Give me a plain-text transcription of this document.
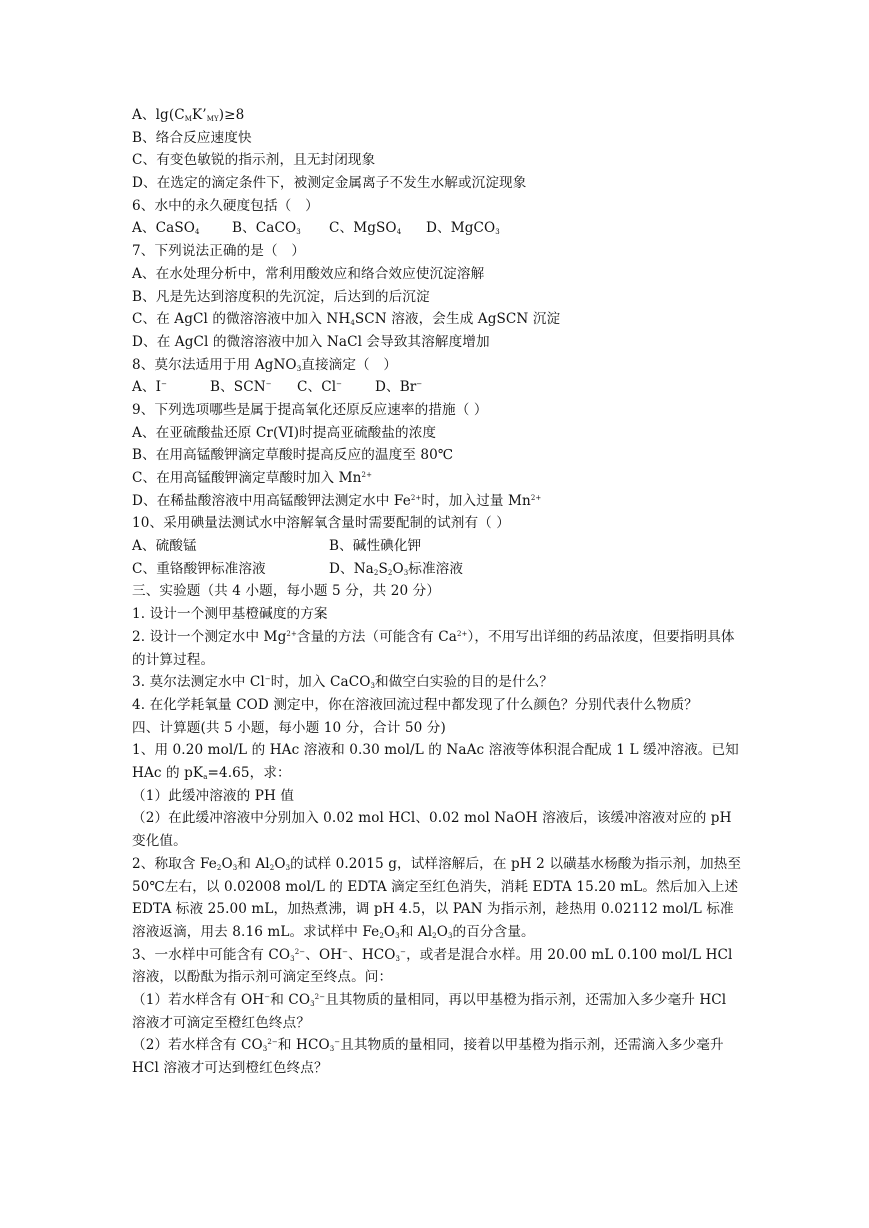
A、$\lg(C_MK’_{MY})\ge 8$
B、络合反应速度快
C、有变色敏锐的指示剂，且无封闭现象
D、在选定的滴定条件下，被测定金属离子不发生水解或沉淀现象
6、水中的永久硬度包括（　）
A、CaSO$_4$ B、CaCO$_3$ C、MgSO$_4$ D、MgCO$_3$
7、下列说法正确的是（　）
A、在水处理分析中，常利用酸效应和络合效应使沉淀溶解
B、凡是先达到溶度积的先沉淀，后达到的后沉淀
C、在 AgCl 的微溶溶液中加入 $NH_4SCN$ 溶液，会生成 AgSCN 沉淀
D、在 AgCl 的微溶溶液中加入 NaCl 会导致其溶解度增加
8、莫尔法适用于用 AgNO$_3$直接滴定（　）
A、I−	B、SCN− C、Cl− D、Br−
9、下列选项哪些是属于提高氧化还原反应速率的措施（ ）
A、在亚硫酸盐还原 Cr(VI)时提高亚硫酸盐的浓度
B、在用高锰酸钾滴定草酸时提高反应的温度至 80℃
C、在用高锰酸钾滴定草酸时加入 $Mn^{2+}$
D、在稀盐酸溶液中用高锰酸钾法测定水中 $Fe^{2+}$时，加入过量 $Mn^{2+}$
10、采用碘量法测试水中溶解氧含量时需要配制的试剂有（ ）
A、硫酸锰	B、碱性碘化钾
C、重铬酸钾标准溶液	D、$Na_2S_2O_3$标准溶液
三、实验题（共 4 小题，每小题 5 分，共 20 分）
1. 设计一个测甲基橙碱度的方案
2. 设计一个测定水中 $Mg^{2+}$含量的方法（可能含有 $Ca^{2+}$），不用写出详细的药品浓度，但要指明具体的计算过程。
3. 莫尔法测定水中 Cl−时，加入 CaCO$_3$和做空白实验的目的是什么？
4. 在化学耗氧量 COD 测定中，你在溶液回流过程中都发现了什么颜色？分别代表什么物质？
四、计算题(共 5 小题，每小题 10 分，合计 50 分)
1、用 0.20 mol/L 的 HAc 溶液和 0.30 mol/L 的 NaAc 溶液等体积混合配成 1 L 缓冲溶液。已知 HAc 的 $pK_a=4.65$，求：
（1）此缓冲溶液的 PH 值
（2）在此缓冲溶液中分别加入 0.02 mol HCl、0.02 mol NaOH 溶液后，该缓冲溶液对应的 pH 变化值。
2、称取含 $Fe_2O_3$和 $Al_2O_3$的试样 0.2015 g，试样溶解后，在 pH 2 以磺基水杨酸为指示剂，加热至 50℃左右，以 0.02008 mol/L 的 EDTA 滴定至红色消失，消耗 EDTA 15.20 mL。然后加入上述 EDTA 标液 25.00 mL，加热煮沸，调 pH 4.5，以 PAN 为指示剂，趁热用 0.02112 mol/L 标准溶液返滴，用去 8.16 mL。求试样中 $Fe_2O_3$和 $Al_2O_3$的百分含量。
3、一水样中可能含有 $CO_3^{2-}$、OH−、$HCO_3^-$，或者是混合水样。用 20.00 mL 0.100 mol/L HCl 溶液，以酚酞为指示剂可滴定至终点。问：
（1）若水样含有 OH−和 $CO_3^{2-}$且其物质的量相同，再以甲基橙为指示剂，还需加入多少毫升 HCl 溶液才可滴定至橙红色终点？
（2）若水样含有 $CO_3^{2-}$和 $HCO_3^-$且其物质的量相同，接着以甲基橙为指示剂，还需滴入多少毫升 HCl 溶液才可达到橙红色终点？
